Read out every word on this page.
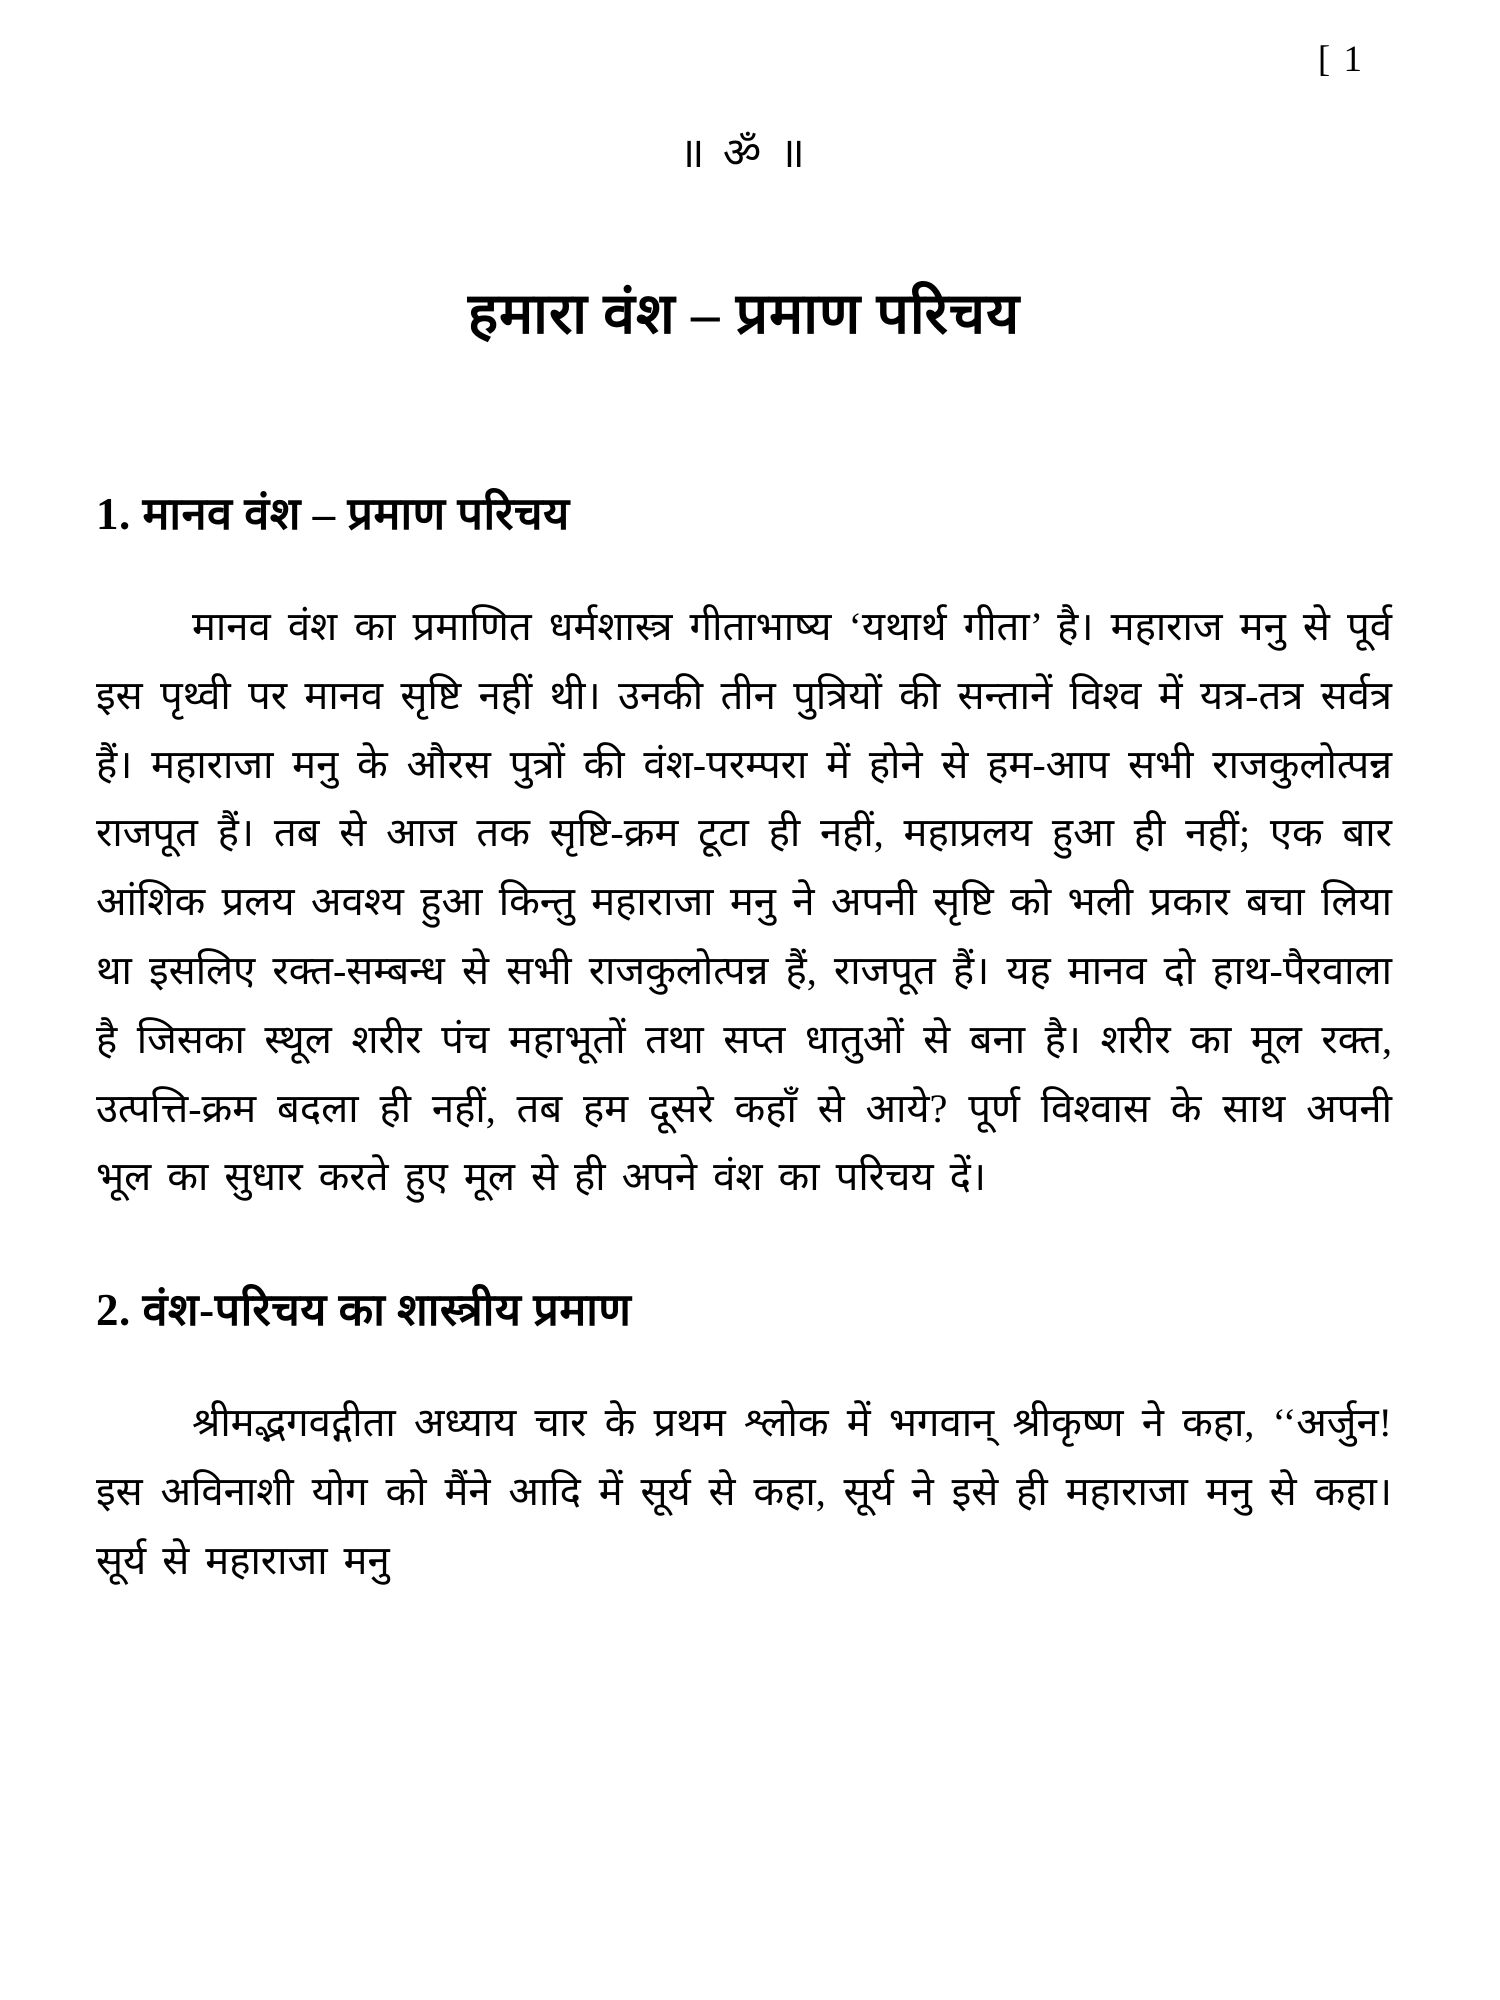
[ 1
॥ ॐ ॥
हमारा वंश – प्रमाण परिचय
1. मानव वंश – प्रमाण परिचय

मानव वंश का प्रमाणित धर्मशास्त्र गीताभाष्य ‘यथार्थ गीता’ है। महाराज मनु से पूर्व इस पृथ्वी पर मानव सृष्टि नहीं थी। उनकी तीन पुत्रियों की सन्तानें विश्व में यत्र-तत्र सर्वत्र हैं। महाराजा मनु के औरस पुत्रों की वंश-परम्परा में होने से हम-आप सभी राजकुलोत्पन्न राजपूत हैं। तब से आज तक सृष्टि-क्रम टूटा ही नहीं, महाप्रलय हुआ ही नहीं; एक बार आंशिक प्रलय अवश्य हुआ किन्तु महाराजा मनु ने अपनी सृष्टि को भली प्रकार बचा लिया था इसलिए रक्त-सम्बन्ध से सभी राजकुलोत्पन्न हैं, राजपूत हैं। यह मानव दो हाथ-पैरवाला है जिसका स्थूल शरीर पंच महाभूतों तथा सप्त धातुओं से बना है। शरीर का मूल रक्त, उत्पत्ति-क्रम बदला ही नहीं, तब हम दूसरे कहाँ से आये? पूर्ण विश्वास के साथ अपनी भूल का सुधार करते हुए मूल से ही अपने वंश का परिचय दें।

2. वंश-परिचय का शास्त्रीय प्रमाण

श्रीमद्भगवद्गीता अध्याय चार के प्रथम श्लोक में भगवान् श्रीकृष्ण ने कहा, ‘‘अर्जुन! इस अविनाशी योग को मैंने आदि में सूर्य से कहा, सूर्य ने इसे ही महाराजा मनु से कहा। सूर्य से महाराजा मनु
